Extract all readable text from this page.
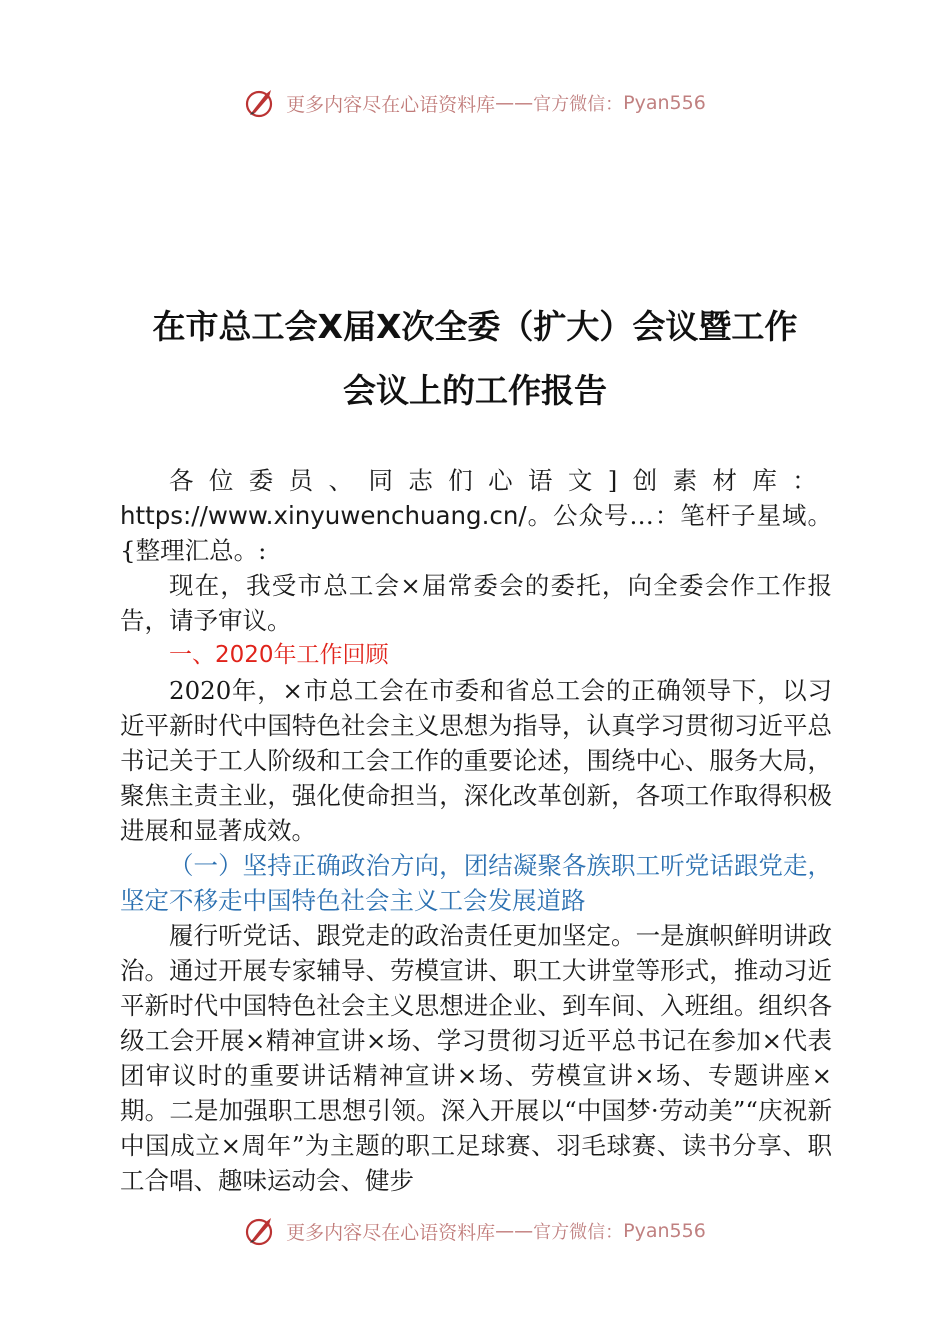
更多内容尽在心语资料库 —— 官方微信： Pyan556
在市总工会X届X次全委（扩大）会议暨工作
会议上的工作报告

各位委员、同志们心语文]创素材库：https://www.xinyuwenchuang.cn/。公众号…：笔杆子星域。{整理汇总。:

现在，我受市总工会×届常委会的委托，向全委会作工作报告，请予审议。

一、2020年工作回顾

2020年，×市总工会在市委和省总工会的正确领导下，以习近平新时代中国特色社会主义思想为指导，认真学习贯彻习近平总书记关于工人阶级和工会工作的重要论述，围绕中心、服务大局，聚焦主责主业，强化使命担当，深化改革创新，各项工作取得积极进展和显著成效。

（一）坚持正确政治方向，团结凝聚各族职工听党话跟党走，坚定不移走中国特色社会主义工会发展道路

履行听党话、跟党走的政治责任更加坚定。一是旗帜鲜明讲政治。通过开展专家辅导、劳模宣讲、职工大讲堂等形式，推动习近平新时代中国特色社会主义思想进企业、到车间、入班组。组织各级工会开展×精神宣讲×场、学习贯彻习近平总书记在参加×代表团审议时的重要讲话精神宣讲×场、劳模宣讲×场、专题讲座×期。二是加强职工思想引领。深入开展以“中国梦·劳动美”“庆祝新中国成立×周年”为主题的职工足球赛、羽毛球赛、读书分享、职工合唱、趣味运动会、健步

更多内容尽在心语资料库 —— 官方微信： Pyan556
